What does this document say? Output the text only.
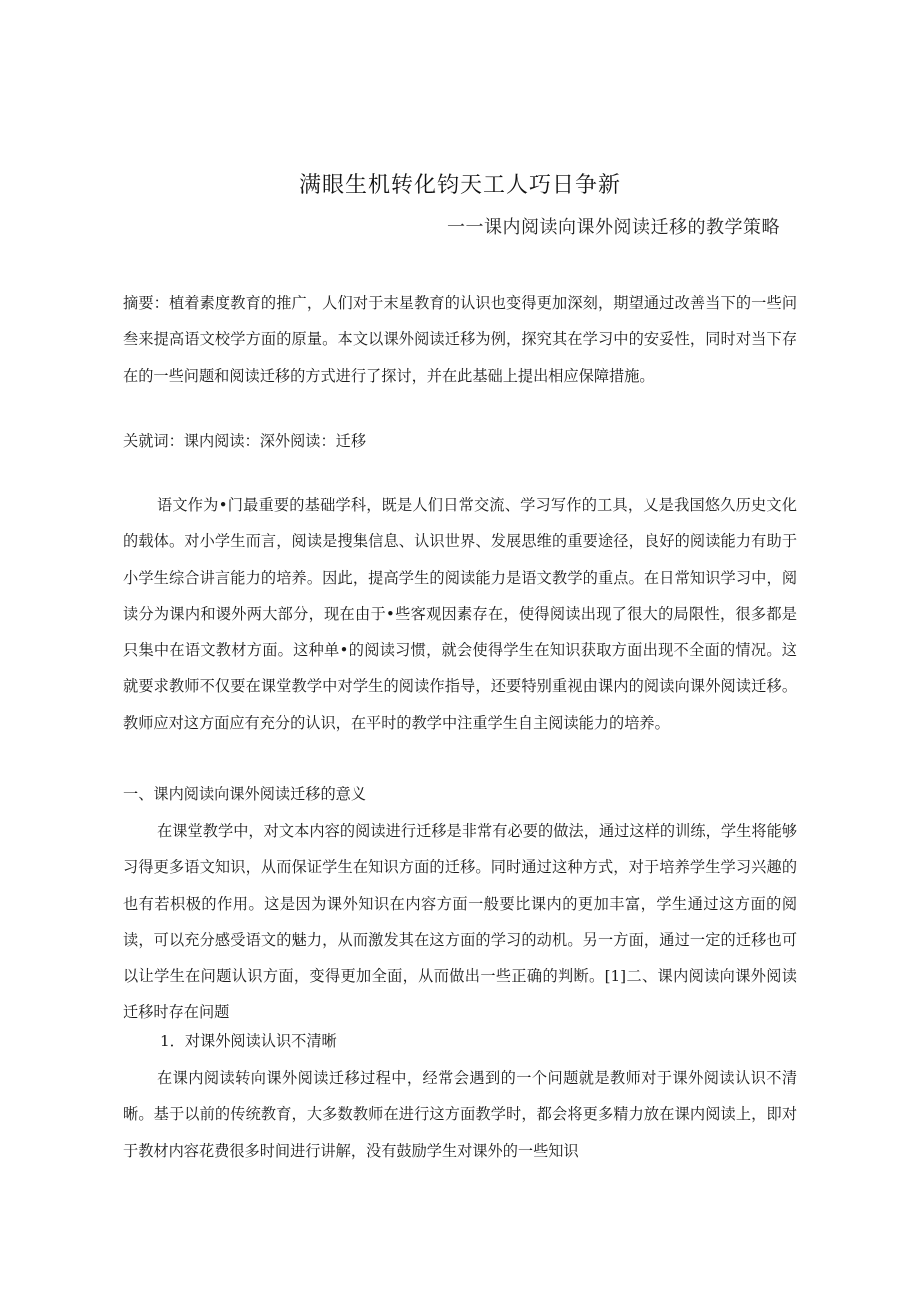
满眼生机转化钧天工人巧日争新
一一课内阅读向课外阅读迁移的教学策略

摘要：植着素度教育的推广，人们对于末星教育的认识也变得更加深刻，期望通过改善当下的一些问叁来提高语文校学方面的原量。本文以课外阅读迁移为例，探究其在学习中的安妥性，同时对当下存在的一些问题和阅读迁移的方式进行了探讨，并在此基础上提出相应保障措施。

关就词：课内阅读：深外阅读：迁移

语文作为•门最重要的基础学科，既是人们日常交流、学习写作的工具，乂是我国悠久历史文化的载体。对小学生而言，阅读是搜集信息、认识世界、发展思维的重要途径，良好的阅读能力有助于小学生综合讲言能力的培养。因此，提高学生的阅读能力是语文教学的重点。在日常知识学习中，阅读分为课内和谡外两大部分，现在由于•些客观因素存在，使得阅读出现了很大的局限性，很多都是只集中在语文教材方面。这种单•的阅读习惯，就会使得学生在知识获取方面出现不全面的情况。这就要求教师不仅要在课堂教学中对学生的阅读作指导，还要特别重视由课内的阅读向课外阅读迁移。教师应对这方面应有充分的认识，在平时的教学中注重学生自主阅读能力的培养。

一、课内阅读向课外阅读迁移的意义

在课堂教学中，对文本内容的阅读进行迁移是非常有必要的做法，通过这样的训练，学生将能够习得更多语文知识，从而保证学生在知识方面的迁移。同时通过这种方式，对于培养学生学习兴趣的也有若枳极的作用。这是因为课外知识在内容方面一般要比课内的更加丰富，学生通过这方面的阅读，可以充分感受语文的魅力，从而激发其在这方面的学习的动机。另一方面，通过一定的迁移也可以让学生在问题认识方面，变得更加全面，从而做出一些正确的判断。[1]二、课内阅读向课外阅读迁移时存在问题

1．对课外阅读认识不清晰

在课内阅读转向课外阅读迁移过程中，经常会遇到的一个问题就是教师对于课外阅读认识不清晰。基于以前的传统教育，大多数教师在进行这方面教学时，都会将更多精力放在课内阅读上，即对于教材内容花费很多时间进行讲解，没有鼓励学生对课外的一些知识
